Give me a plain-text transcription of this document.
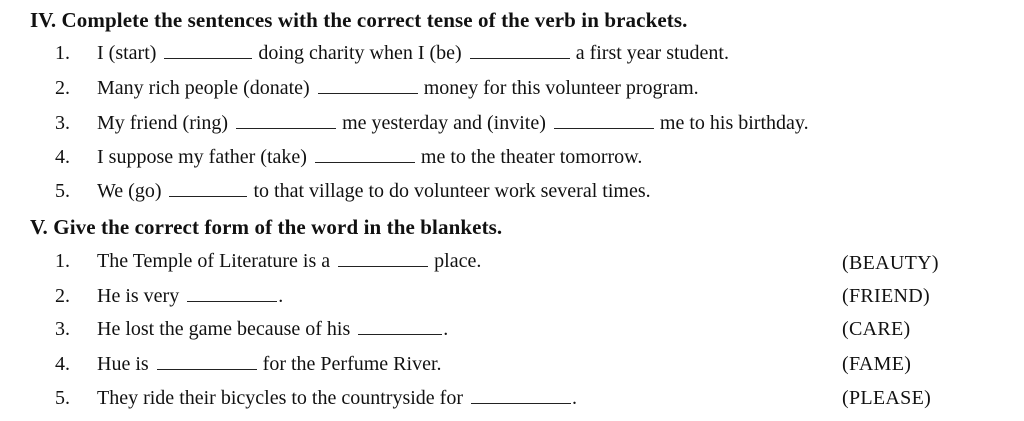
IV. Complete the sentences with the correct tense of the verb in brackets.
1. I (start)	doing charity when I (be)	a first year student.
2. Many rich people (donate)	money for this volunteer program.
3. My friend (ring)	me yesterday and (invite)	me to his birthday.
4. I suppose my father (take)	me to the theater tomorrow.
5. We (go)	to that village to do volunteer work several times.
V. Give the correct form of the word in the blankets.
1. The Temple of Literature is a	place.	(BEAUTY)
2. He is very	.	(FRIEND)
3. He lost the game because of his	.	(CARE)
4. Hue is	for the Perfume River.	(FAME)
5. They ride their bicycles to the countryside for	.	(PLEASE)
